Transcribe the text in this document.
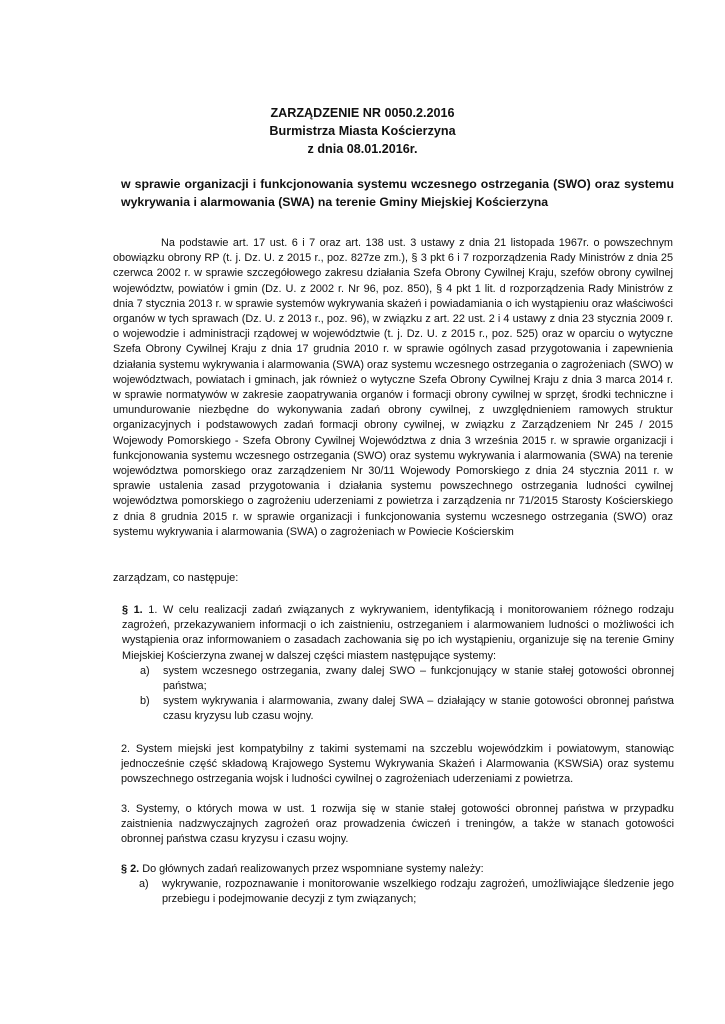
ZARZĄDZENIE NR 0050.2.2016
Burmistrza Miasta Kościerzyna
z dnia 08.01.2016r.
w sprawie organizacji i funkcjonowania systemu wczesnego ostrzegania (SWO) oraz systemu wykrywania i alarmowania (SWA) na terenie Gminy Miejskiej Kościerzyna
Na podstawie art. 17 ust. 6 i 7 oraz art. 138 ust. 3 ustawy z dnia 21 listopada 1967r. o powszechnym obowiązku obrony RP (t. j. Dz. U. z 2015 r., poz. 827ze zm.), § 3 pkt 6 i 7 rozporządzenia Rady Ministrów z dnia 25 czerwca 2002 r. w sprawie szczegółowego zakresu działania Szefa Obrony Cywilnej Kraju, szefów obrony cywilnej województw, powiatów i gmin (Dz. U. z 2002 r. Nr 96, poz. 850), § 4 pkt 1 lit. d rozporządzenia Rady Ministrów z dnia 7 stycznia 2013 r. w sprawie systemów wykrywania skażeń i powiadamiania o ich wystąpieniu oraz właściwości organów w tych sprawach (Dz. U. z 2013 r., poz. 96), w związku z art. 22 ust. 2 i 4 ustawy z dnia 23 stycznia 2009 r. o wojewodzie i administracji rządowej w województwie (t. j. Dz. U. z 2015 r., poz. 525) oraz w oparciu o wytyczne Szefa Obrony Cywilnej Kraju z dnia 17 grudnia 2010 r. w sprawie ogólnych zasad przygotowania i zapewnienia działania systemu wykrywania i alarmowania (SWA) oraz systemu wczesnego ostrzegania o zagrożeniach (SWO) w województwach, powiatach i gminach, jak również o wytyczne Szefa Obrony Cywilnej Kraju z dnia 3 marca 2014 r. w sprawie normatywów w zakresie zaopatrywania organów i formacji obrony cywilnej w sprzęt, środki techniczne i umundurowanie niezbędne do wykonywania zadań obrony cywilnej, z uwzględnieniem ramowych struktur organizacyjnych i podstawowych zadań formacji obrony cywilnej, w związku z Zarządzeniem Nr 245 / 2015 Wojewody Pomorskiego - Szefa Obrony Cywilnej Województwa z dnia 3 września 2015 r. w sprawie organizacji i funkcjonowania systemu wczesnego ostrzegania (SWO) oraz systemu wykrywania i alarmowania (SWA) na terenie województwa pomorskiego oraz zarządzeniem Nr 30/11 Wojewody Pomorskiego z dnia 24 stycznia 2011 r. w sprawie ustalenia zasad przygotowania i działania systemu powszechnego ostrzegania ludności cywilnej województwa pomorskiego o zagrożeniu uderzeniami z powietrza i zarządzenia nr 71/2015 Starosty Kościerskiego z dnia 8 grudnia 2015 r. w sprawie organizacji i funkcjonowania systemu wczesnego ostrzegania (SWO) oraz systemu wykrywania i alarmowania (SWA) o zagrożeniach w Powiecie Kościerskim
zarządzam, co następuje:
§ 1. 1. W celu realizacji zadań związanych z wykrywaniem, identyfikacją i monitorowaniem różnego rodzaju zagrożeń, przekazywaniem informacji o ich zaistnieniu, ostrzeganiem i alarmowaniem ludności o możliwości ich wystąpienia oraz informowaniem o zasadach zachowania się po ich wystąpieniu, organizuje się na terenie Gminy Miejskiej Kościerzyna zwanej w dalszej części miastem następujące systemy:
a) system wczesnego ostrzegania, zwany dalej SWO – funkcjonujący w stanie stałej gotowości obronnej państwa;
b) system wykrywania i alarmowania, zwany dalej SWA – działający w stanie gotowości obronnej państwa czasu kryzysu lub czasu wojny.
2. System miejski jest kompatybilny z takimi systemami na szczeblu wojewódzkim i powiatowym, stanowiąc jednocześnie część składową Krajowego Systemu Wykrywania Skażeń i Alarmowania (KSWSiA) oraz systemu powszechnego ostrzegania wojsk i ludności cywilnej o zagrożeniach uderzeniami z powietrza.
3. Systemy, o których mowa w ust. 1 rozwija się w stanie stałej gotowości obronnej państwa w przypadku zaistnienia nadzwyczajnych zagrożeń oraz prowadzenia ćwiczeń i treningów, a także w stanach gotowości obronnej państwa czasu kryzysu i czasu wojny.
§ 2. Do głównych zadań realizowanych przez wspomniane systemy należy:
a) wykrywanie, rozpoznawanie i monitorowanie wszelkiego rodzaju zagrożeń, umożliwiające śledzenie jego przebiegu i podejmowanie decyzji z tym związanych;
